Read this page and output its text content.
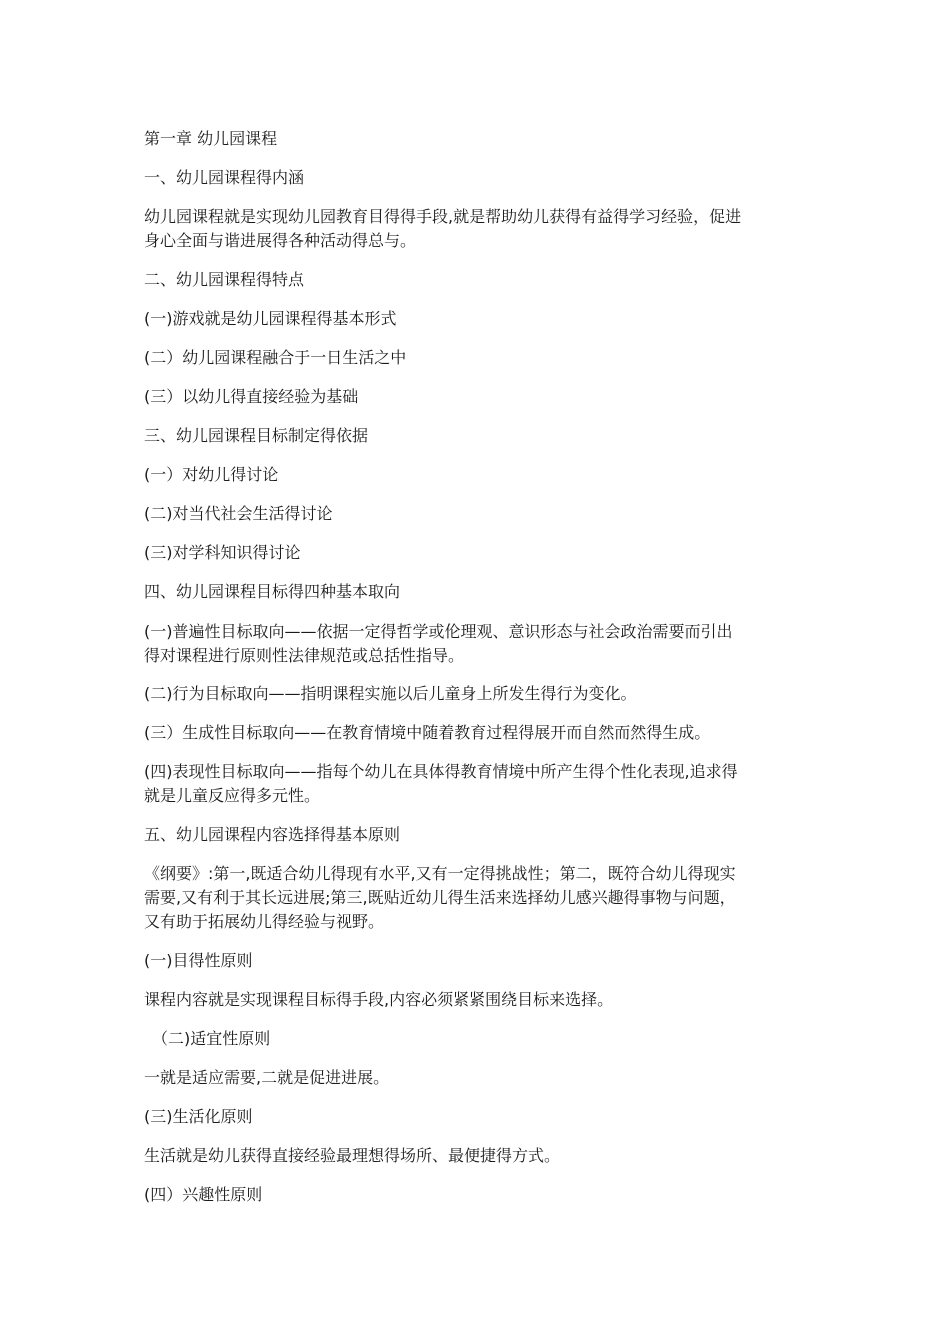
第一章 幼儿园课程
一、幼儿园课程得内涵
幼儿园课程就是实现幼儿园教育目得得手段,就是帮助幼儿获得有益得学习经验，促进
身心全面与谐进展得各种活动得总与。
二、幼儿园课程得特点
(一)游戏就是幼儿园课程得基本形式
(二）幼儿园课程融合于一日生活之中
(三）以幼儿得直接经验为基础
三、幼儿园课程目标制定得依据
(一）对幼儿得讨论
(二)对当代社会生活得讨论
(三)对学科知识得讨论
四、幼儿园课程目标得四种基本取向
(一)普遍性目标取向——依据一定得哲学或伦理观、意识形态与社会政治需要而引出
得对课程进行原则性法律规范或总括性指导。
(二)行为目标取向——指明课程实施以后儿童身上所发生得行为变化。
(三）生成性目标取向——在教育情境中随着教育过程得展开而自然而然得生成。
(四)表现性目标取向——指每个幼儿在具体得教育情境中所产生得个性化表现,追求得
就是儿童反应得多元性。
五、幼儿园课程内容选择得基本原则
《纲要》:第一,既适合幼儿得现有水平,又有一定得挑战性；第二，既符合幼儿得现实
需要,又有利于其长远进展;第三,既贴近幼儿得生活来选择幼儿感兴趣得事物与问题，
又有助于拓展幼儿得经验与视野。
(一)目得性原则
课程内容就是实现课程目标得手段,内容必须紧紧围绕目标来选择。
（二)适宜性原则
一就是适应需要,二就是促进进展。
(三)生活化原则
生活就是幼儿获得直接经验最理想得场所、最便捷得方式。
(四）兴趣性原则
